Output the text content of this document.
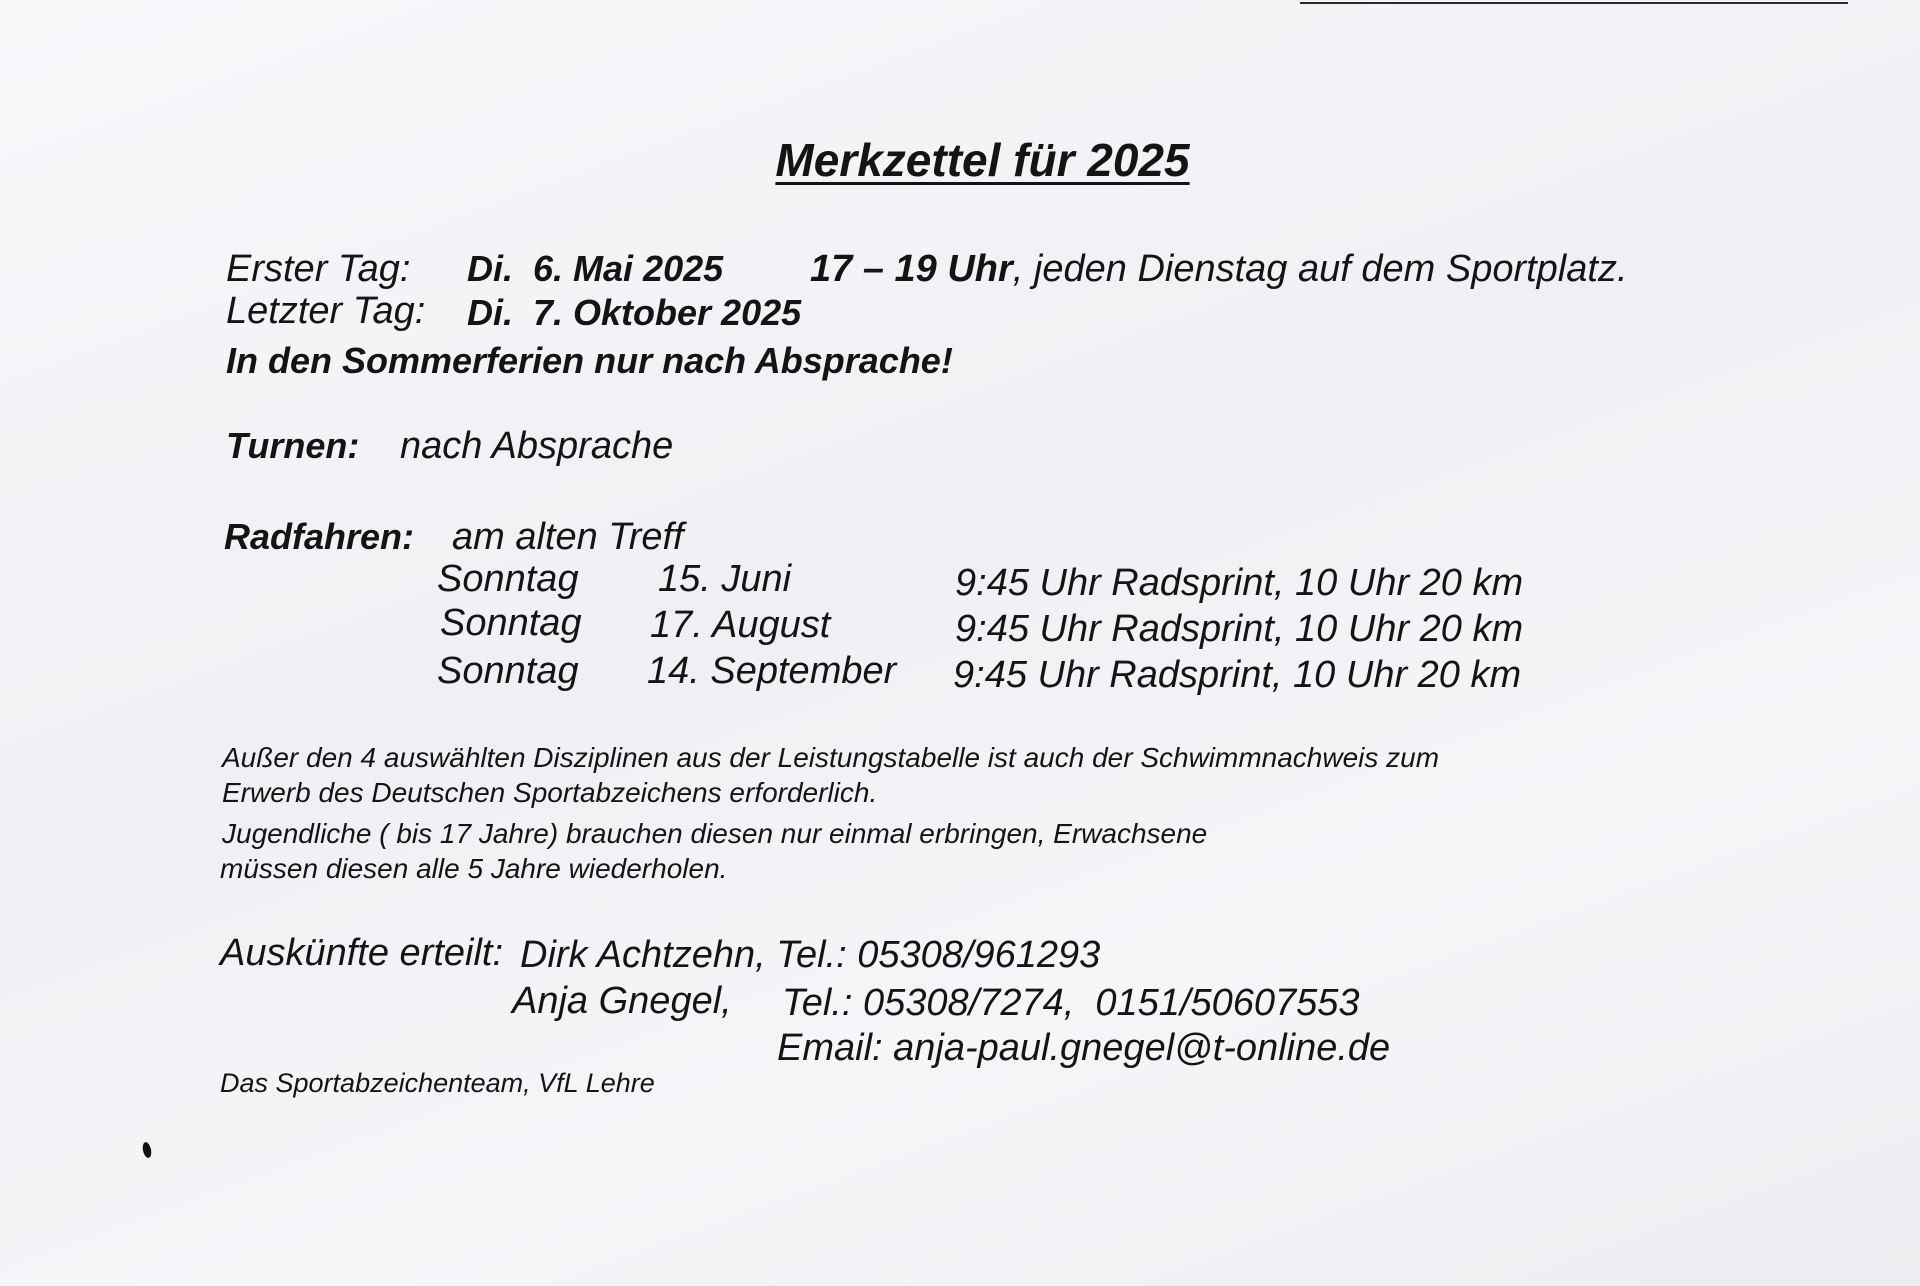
Merkzettel für 2025
Erster Tag: Di.  6. Mai 2025 17 – 19 Uhr, jeden Dienstag auf dem Sportplatz.
Letzter Tag: Di.  7. Oktober 2025
In den Sommerferien nur nach Absprache!
Turnen: nach Absprache
Radfahren: am alten Treff
Sonntag 15. Juni	9:45 Uhr Radsprint, 10 Uhr 20 km
Sonntag 17. August	9:45 Uhr Radsprint, 10 Uhr 20 km
Sonntag 14. September 9:45 Uhr Radsprint, 10 Uhr 20 km
Außer den 4 auswählten Disziplinen aus der Leistungstabelle ist auch der Schwimmnachweis zum
Erwerb des Deutschen Sportabzeichens erforderlich.
Jugendliche ( bis 17 Jahre) brauchen diesen nur einmal erbringen, Erwachsene
müssen diesen alle 5 Jahre wiederholen.
Auskünfte erteilt: Dirk Achtzehn, Tel.: 05308/961293
Anja Gnegel, Tel.: 05308/7274,  0151/50607553
Email: anja-paul.gnegel@t-online.de
Das Sportabzeichenteam, VfL Lehre
